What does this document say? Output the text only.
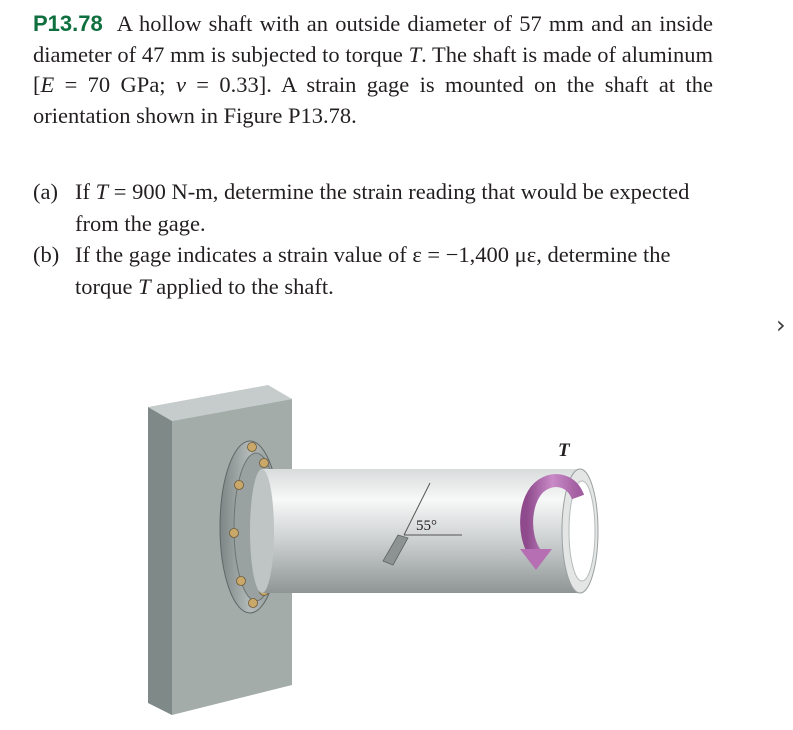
P13.78 A hollow shaft with an outside diameter of 57 mm and an inside diameter of 47 mm is subjected to torque T. The shaft is made of aluminum [E = 70 GPa; ν = 0.33]. A strain gage is mounted on the shaft at the orientation shown in Figure P13.78.
(a) If T = 900 N-m, determine the strain reading that would be expected from the gage.
(b) If the gage indicates a strain value of ε = −1,400 με, determine the torque T applied to the shaft.
›
55°
T
